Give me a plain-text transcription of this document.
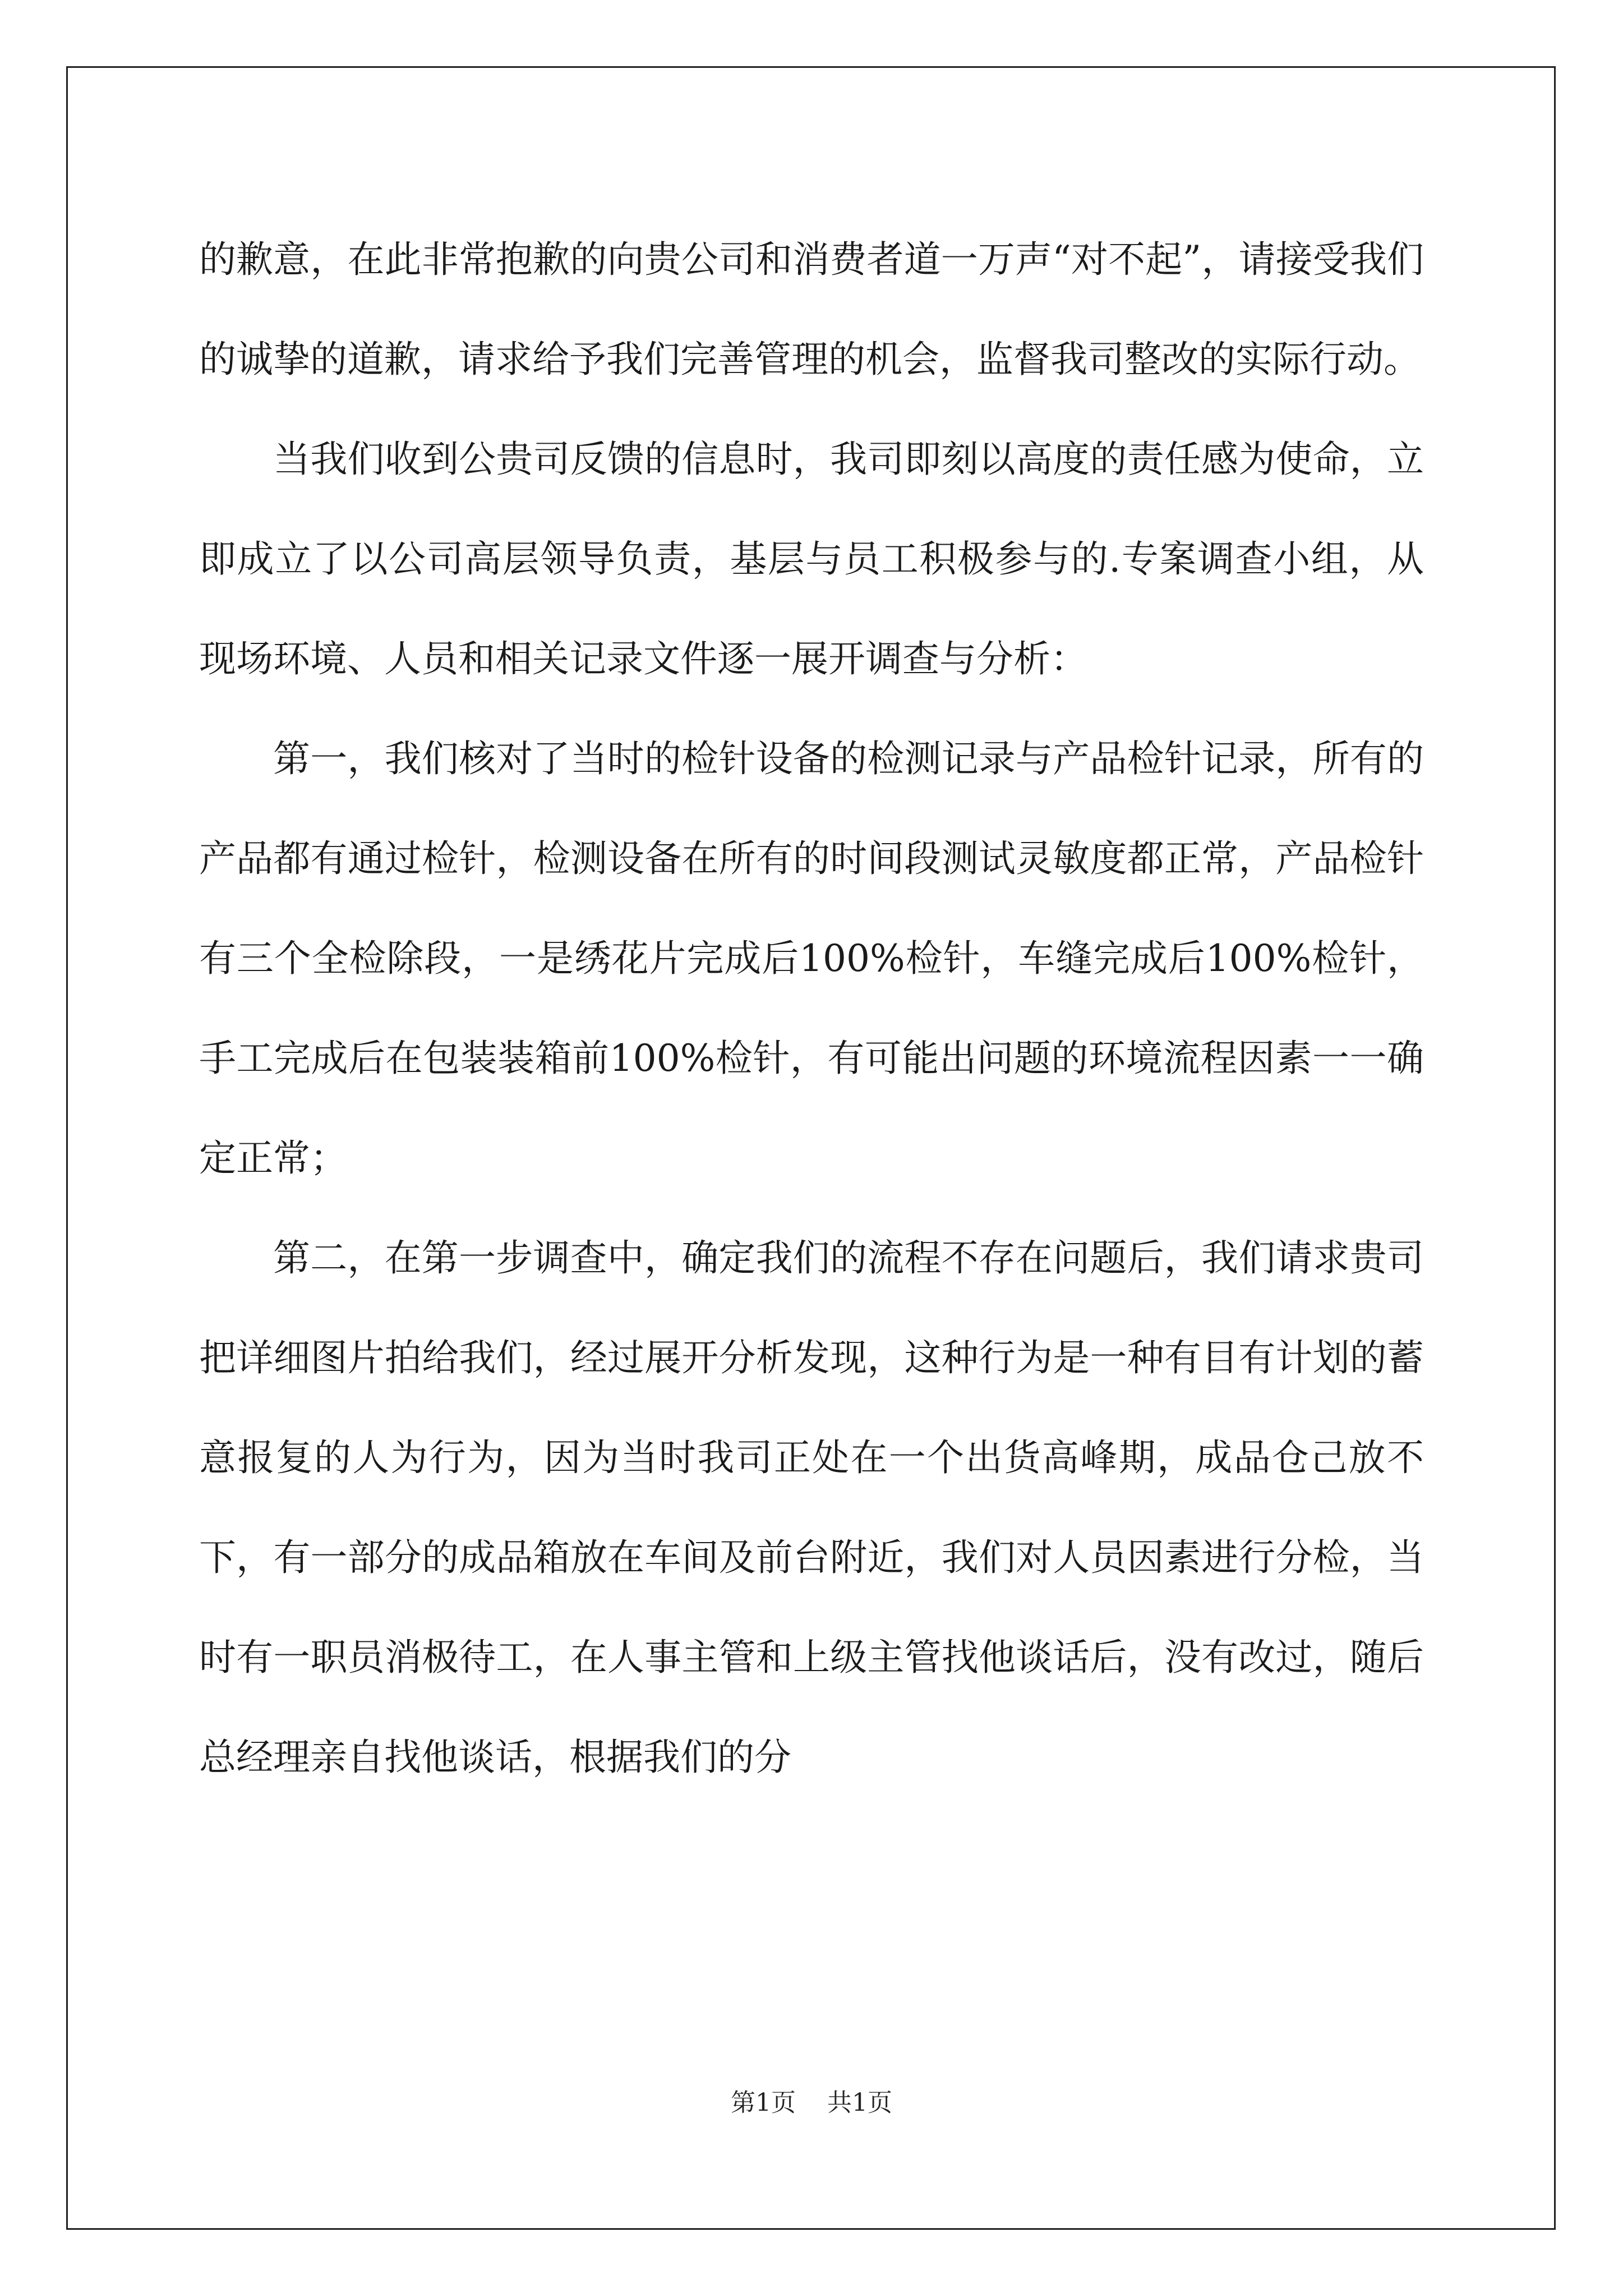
的歉意，在此非常抱歉的向贵公司和消费者道一万声“对不起”，请接受我们的诚挚的道歉，请求给予我们完善管理的机会，监督我司整改的实际行动。

当我们收到公贵司反馈的信息时，我司即刻以高度的责任感为使命，立即成立了以公司高层领导负责，基层与员工积极参与的.专案调查小组，从现场环境、人员和相关记录文件逐一展开调查与分析：

第一，我们核对了当时的检针设备的检测记录与产品检针记录，所有的产品都有通过检针，检测设备在所有的时间段测试灵敏度都正常，产品检针有三个全检除段，一是绣花片完成后100%检针，车缝完成后100%检针，手工完成后在包装装箱前100%检针，有可能出问题的环境流程因素一一确定正常；

第二，在第一步调查中，确定我们的流程不存在问题后，我们请求贵司把详细图片拍给我们，经过展开分析发现，这种行为是一种有目有计划的蓄意报复的人为行为，因为当时我司正处在一个出货高峰期，成品仓己放不下，有一部分的成品箱放在车间及前台附近，我们对人员因素进行分检，当时有一职员消极待工，在人事主管和上级主管找他谈话后，没有改过，随后总经理亲自找他谈话，根据我们的分

第1页 共1页
